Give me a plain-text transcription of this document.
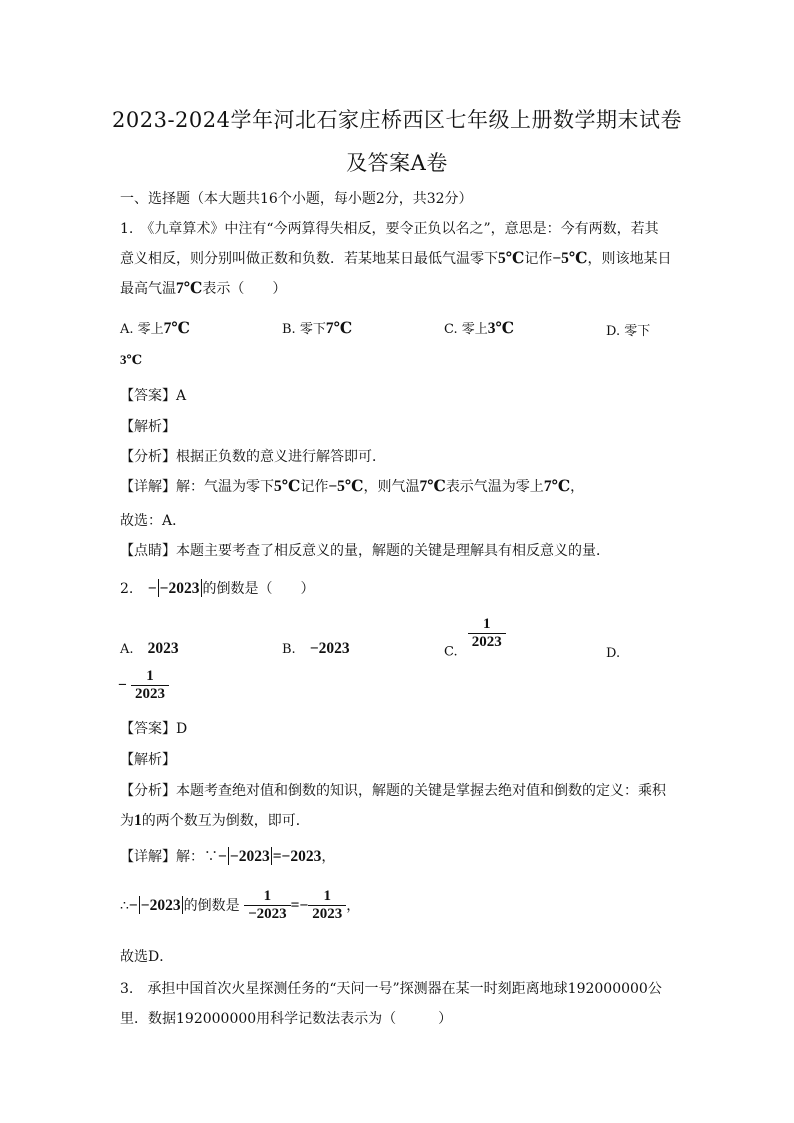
2023-2024学年河北石家庄桥西区七年级上册数学期末试卷
及答案A卷
一、选择题（本大题共16个小题，每小题2分，共32分）
1.　《九章算术》中注有“今两算得失相反，要令正负以名之”，意思是：今有两数，若其
意义相反，则分别叫做正数和负数．若某地某日最低气温零下5℃记作−5℃，则该地某日
最高气温7℃表示（　　）
A. 零上7℃	B. 零下7℃	C. 零上3℃	D. 零下
3℃
【答案】A
【解析】
【分析】根据正负数的意义进行解答即可．
【详解】解：气温为零下5℃记作−5℃，则气温7℃表示气温为零上7℃，
故选：A．
【点睛】本题主要考查了相反意义的量，解题的关键是理解具有相反意义的量．
2. − −2023 的倒数是（　　）
A. 2023	B. −2023	C.
$\frac{1}{2023}$
D.
− $\frac{1}{2023}$
【答案】D
【解析】
【分析】本题考查绝对值和倒数的知识，解题的关键是掌握去绝对值和倒数的定义：乘积
为1的两个数互为倒数，即可．
【详解】解：∵− −2023 =−2023，
∴− −2023 的倒数是 $\frac{1}{-2023} =- \frac{1}{2023}$ ，
故选D．
3.　承担中国首次火星探测任务的“天问一号”探测器在某一时刻距离地球192000000公
里．数据192000000用科学记数法表示为（　　　）
